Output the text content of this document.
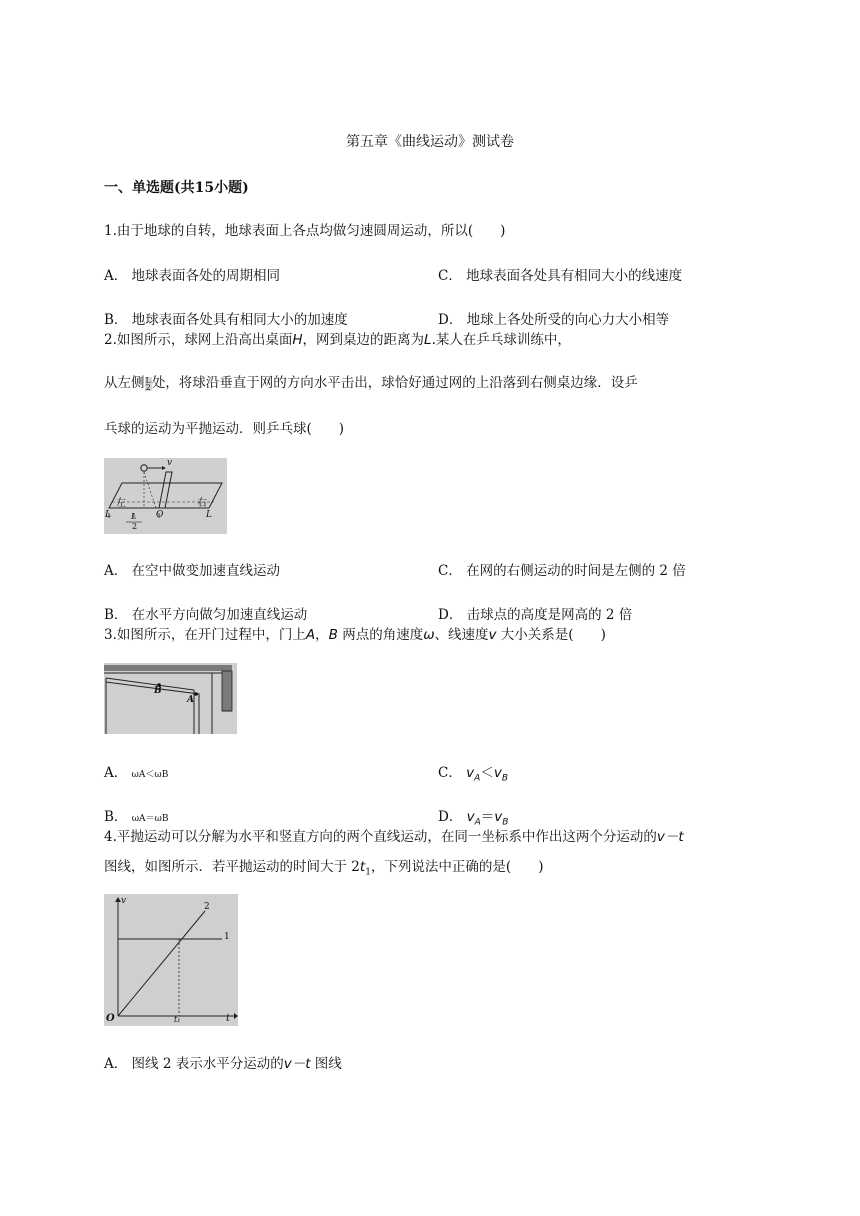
第五章《曲线运动》测试卷
一、单选题(共15小题)
1.由于地球的自转，地球表面上各点均做匀速圆周运动，所以(　　)
A． 地球表面各处的周期相同	C． 地球表面各处具有相同大小的线速度
B． 地球表面各处具有相同大小的加速度	D． 地球上各处所受的向心力大小相等
2.如图所示，球网上沿高出桌面H，网到桌边的距离为L.某人在乒乓球训练中，
从左侧L
2处，将球沿垂直于网的方向水平击出，球恰好通过网的上沿落到右侧桌边缘．设乒
乓球的运动为平抛运动．则乒乓球(　　)
v
左	右
L	O	L
L
2
A． 在空中做变加速直线运动	C． 在网的右侧运动的时间是左侧的 2 倍
B． 在水平方向做匀加速直线运动	D． 击球点的高度是网高的 2 倍
3.如图所示，在开门过程中，门上A，B 两点的角速度ω、线速度v 大小关系是(　　)
B
A
A． ωA＜ωB	C． $v_A<v_B$
B． ωA＝ωB	D． $v_A=v_B$
4.平抛运动可以分解为水平和竖直方向的两个直线运动，在同一坐标系中作出这两个分运动的v－t
图线，如图所示．若平抛运动的时间大于 $2t_1$，下列说法中正确的是(　　)
v
O	t₁	t
1
2
A． 图线 2 表示水平分运动的v－t 图线
